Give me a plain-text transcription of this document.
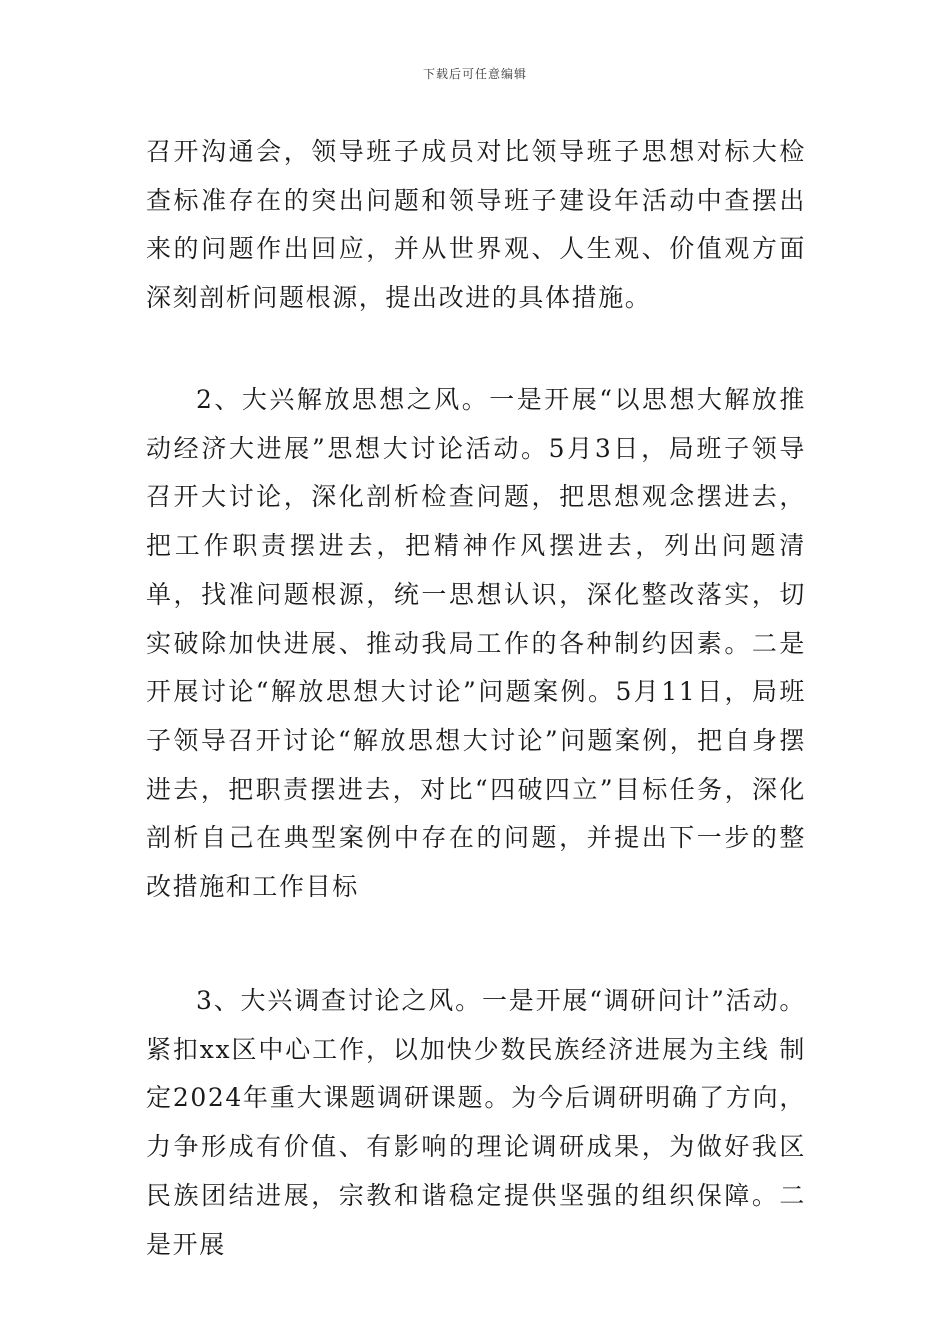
下载后可任意编辑

召开沟通会，领导班子成员对比领导班子思想对标大检查标准存在的突出问题和领导班子建设年活动中查摆出来的问题作出回应，并从世界观、人生观、价值观方面深刻剖析问题根源，提出改进的具体措施。

2、大兴解放思想之风。一是开展“以思想大解放推动经济大进展”思想大讨论活动。5月3日，局班子领导召开大讨论，深化剖析检查问题，把思想观念摆进去，把工作职责摆进去，把精神作风摆进去，列出问题清单，找准问题根源，统一思想认识，深化整改落实，切实破除加快进展、推动我局工作的各种制约因素。二是开展讨论“解放思想大讨论”问题案例。5月11日，局班子领导召开讨论“解放思想大讨论”问题案例，把自身摆进去，把职责摆进去，对比“四破四立”目标任务，深化剖析自己在典型案例中存在的问题，并提出下一步的整改措施和工作目标

3、大兴调查讨论之风。一是开展“调研问计”活动。紧扣xx区中心工作，以加快少数民族经济进展为主线 制定2024年重大课题调研课题。为今后调研明确了方向，力争形成有价值、有影响的理论调研成果，为做好我区民族团结进展，宗教和谐稳定提供坚强的组织保障。二是开展
